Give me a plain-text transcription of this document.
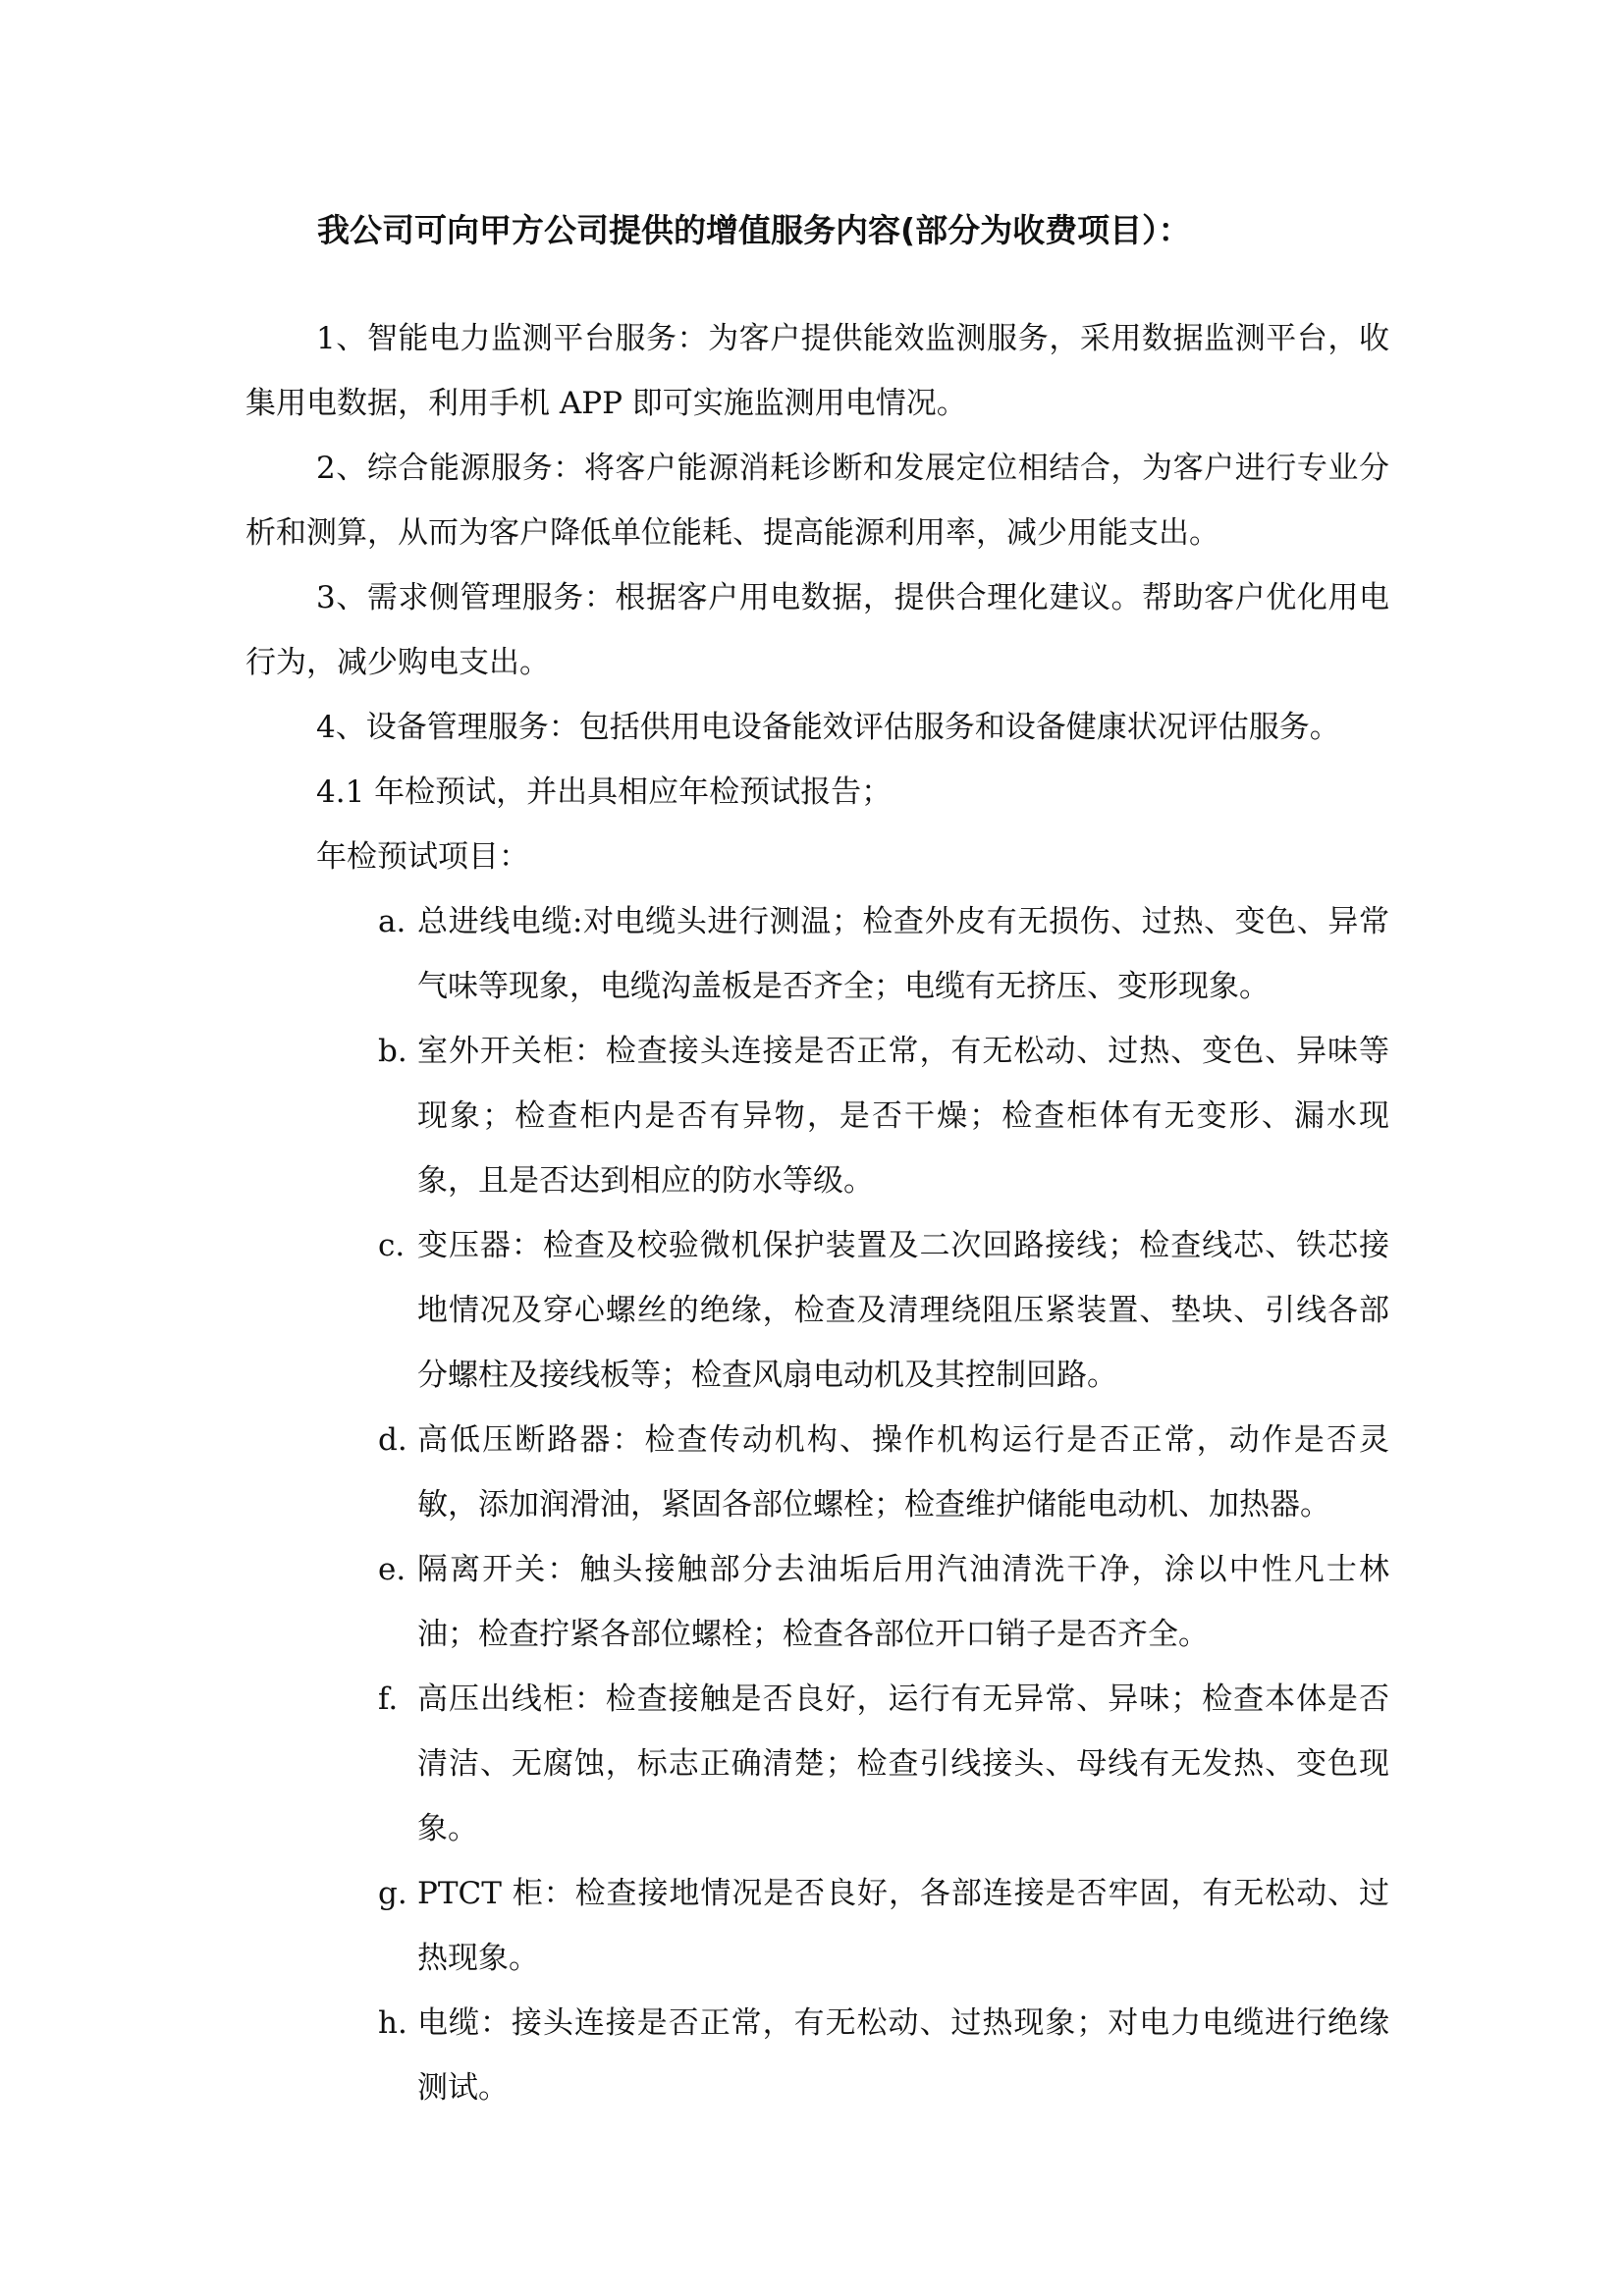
我公司可向甲方公司提供的增值服务内容(部分为收费项目）：
1、智能电力监测平台服务：为客户提供能效监测服务，采用数据监测平台，收集用电数据，利用手机 APP 即可实施监测用电情况。
2、综合能源服务：将客户能源消耗诊断和发展定位相结合，为客户进行专业分析和测算，从而为客户降低单位能耗、提高能源利用率，减少用能支出。
3、需求侧管理服务：根据客户用电数据，提供合理化建议。帮助客户优化用电行为，减少购电支出。
4、设备管理服务：包括供用电设备能效评估服务和设备健康状况评估服务。
4.1 年检预试，并出具相应年检预试报告；
年检预试项目：
a. 总进线电缆:对电缆头进行测温；检查外皮有无损伤、过热、变色、异常气味等现象，电缆沟盖板是否齐全；电缆有无挤压、变形现象。
b. 室外开关柜：检查接头连接是否正常，有无松动、过热、变色、异味等现象；检查柜内是否有异物，是否干燥；检查柜体有无变形、漏水现象，且是否达到相应的防水等级。
c. 变压器：检查及校验微机保护装置及二次回路接线；检查线芯、铁芯接地情况及穿心螺丝的绝缘，检查及清理绕阻压紧装置、垫块、引线各部分螺柱及接线板等；检查风扇电动机及其控制回路。
d. 高低压断路器：检查传动机构、操作机构运行是否正常，动作是否灵敏，添加润滑油，紧固各部位螺栓；检查维护储能电动机、加热器。
e. 隔离开关：触头接触部分去油垢后用汽油清洗干净，涂以中性凡士林油；检查拧紧各部位螺栓；检查各部位开口销子是否齐全。
f. 高压出线柜：检查接触是否良好，运行有无异常、异味；检查本体是否清洁、无腐蚀，标志正确清楚；检查引线接头、母线有无发热、变色现象。
g. PTCT 柜：检查接地情况是否良好，各部连接是否牢固，有无松动、过热现象。
h. 电缆：接头连接是否正常，有无松动、过热现象；对电力电缆进行绝缘测试。
